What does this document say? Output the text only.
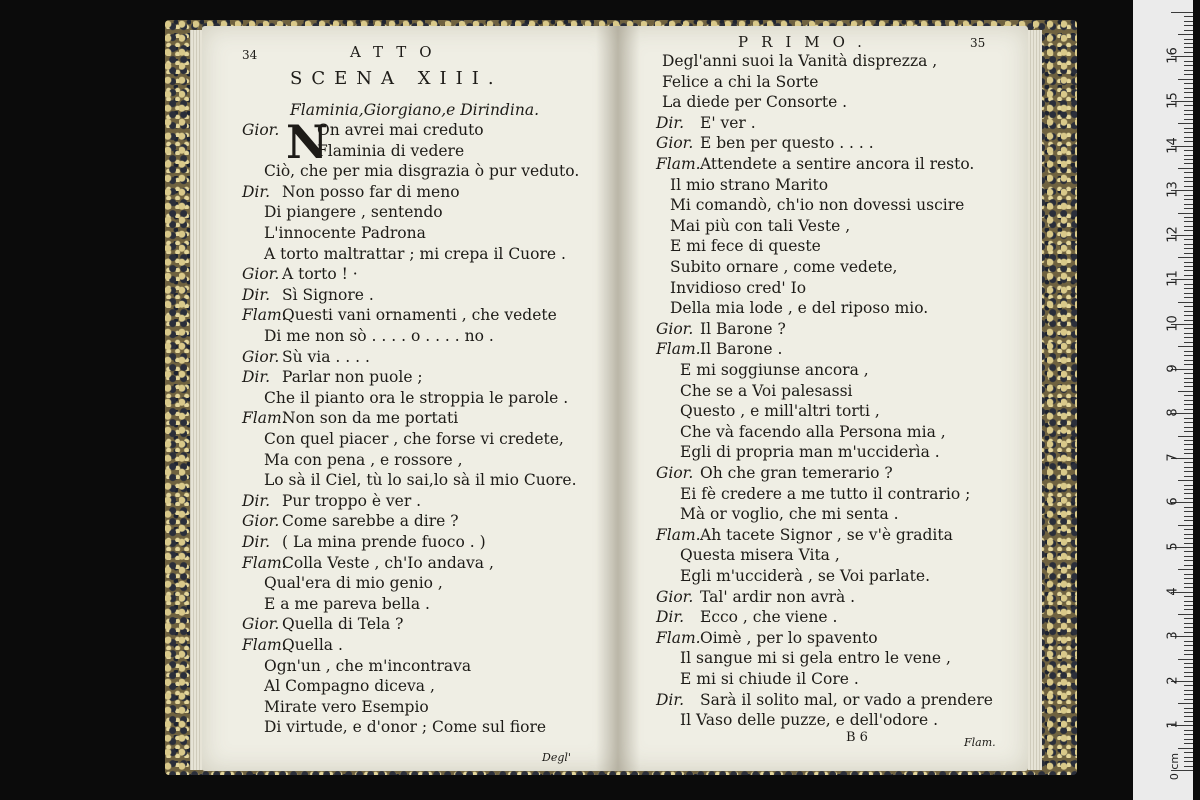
34	ATTO
SCENA XIII.
Flaminia,Giorgiano,e Dirindina.
N
Gior. On avrei mai creduto
Flaminia di vedere
Ciò, che per mia disgrazia ò pur veduto.
Dir. Non posso far di meno
Di piangere , sentendo
L'innocente Padrona
A torto maltrattar ; mi crepa il Cuore .
Gior. A torto ! ·
Dir. Sì Signore .
Flam.
Questi vani ornamenti , che vedete
Di me non sò . . . . o . . . . no .
Gior. Sù via . . . .
Dir. Parlar non puole ;
Che il pianto ora le stroppia le parole .
Flam.
Non son da me portati
Con quel piacer , che forse vi credete,
Ma con pena , e rossore ,
Lo sà il Ciel, tù lo sai,lo sà il mio Cuore.
Dir. Pur troppo è ver .
Gior. Come sarebbe a dire ?
Dir. ( La mina prende fuoco . )
Flam.
Colla Veste , ch'Io andava ,
Qual'era di mio genio ,
E a me pareva bella .
Gior. Quella di Tela ?
Flam.
Quella .
Ogn'un , che m'incontrava
Al Compagno diceva ,
Mirate vero Esempio
Di virtude, e d'onor ; Come sul fiore
Degl'
PRIMO.	35
Degl'anni suoi la Vanità disprezza ,
Felice a chi la Sorte
La diede per Consorte .
Dir. E' ver .
Gior. E ben per questo . . . .
Flam. Attendete a sentire ancora il resto.
Il mio strano Marito
Mi comandò, ch'io non dovessi uscire
Mai più con tali Veste ,
E mi fece di queste
Subito ornare , come vedete,
Invidioso cred' Io
Della mia lode , e del riposo mio.
Gior. Il Barone ?
Flam. Il Barone .
E mi soggiunse ancora ,
Che se a Voi palesassi
Questo , e mill'altri torti ,
Che và facendo alla Persona mia ,
Egli di propria man m'ucciderìa .
Gior. Oh che gran temerario ?
Ei fè credere a me tutto il contrario ;
Mà or voglio, che mi senta .
Flam. Ah tacete Signor , se v'è gradita
Questa misera Vita ,
Egli m'ucciderà , se Voi parlate.
Gior. Tal' ardir non avrà .
Dir. Ecco , che viene .
Flam. Oimè , per lo spavento
Il sangue mi si gela entro le vene ,
E mi si chiude il Core .
Dir. Sarà il solito mal, or vado a prendere
Il Vaso delle puzze, e dell'odore .
B 6	Flam.
1
2
3
4
5
6
7
8
9
10
11
12
13
14
15
16
0 cm
